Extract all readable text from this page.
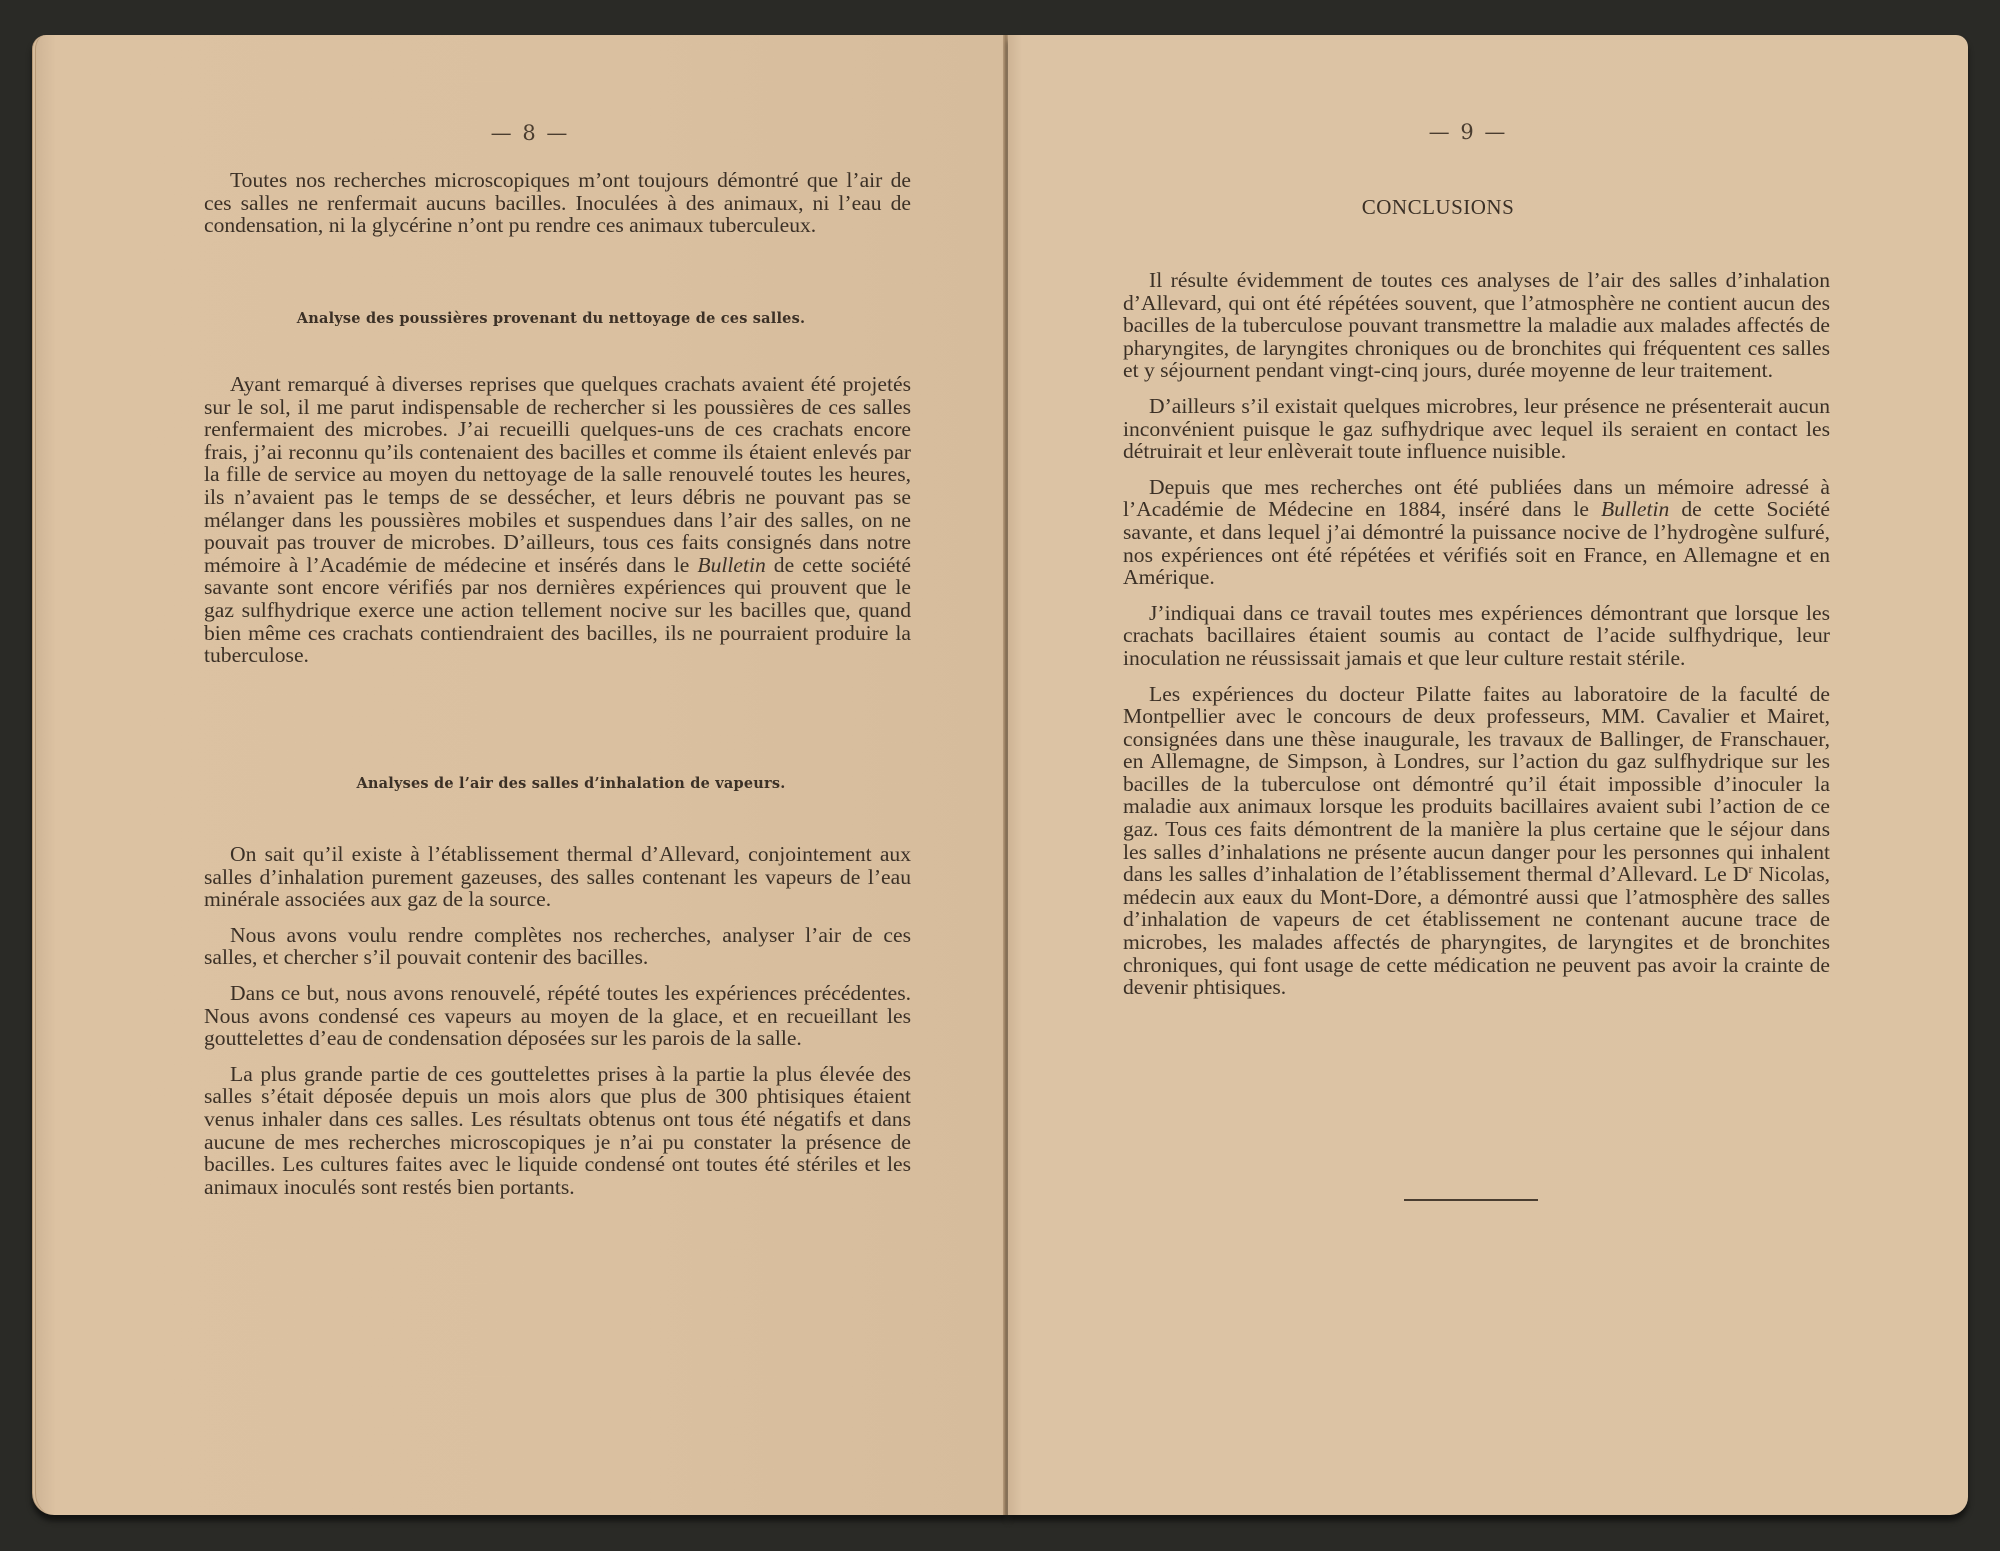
— 8 —

Toutes nos recherches microscopiques m’ont toujours démontré que l’air de ces salles ne renfermait aucuns bacilles. Inoculées à des animaux, ni l’eau de condensation, ni la glycérine n’ont pu rendre ces animaux tuberculeux.

Analyse des poussières provenant du nettoyage de ces salles.

Ayant remarqué à diverses reprises que quelques crachats avaient été projetés sur le sol, il me parut indispensable de rechercher si les poussières de ces salles renfermaient des microbes. J’ai recueilli quelques-uns de ces crachats encore frais, j’ai reconnu qu’ils contenaient des bacilles et comme ils étaient enlevés par la fille de service au moyen du nettoyage de la salle renouvelé toutes les heures, ils n’avaient pas le temps de se dessécher, et leurs débris ne pouvant pas se mélanger dans les poussières mobiles et suspendues dans l’air des salles, on ne pouvait pas trouver de microbes. D’ailleurs, tous ces faits consignés dans notre mémoire à l’Académie de médecine et insérés dans le Bulletin de cette société savante sont encore vérifiés par nos dernières expériences qui prouvent que le gaz sulfhydrique exerce une action tellement nocive sur les bacilles que, quand bien même ces crachats contiendraient des bacilles, ils ne pourraient produire la tuberculose.

Analyses de l’air des salles d’inhalation de vapeurs.

On sait qu’il existe à l’établissement thermal d’Allevard, conjointement aux salles d’inhalation purement gazeuses, des salles contenant les vapeurs de l’eau minérale associées aux gaz de la source.

Nous avons voulu rendre complètes nos recherches, analyser l’air de ces salles, et chercher s’il pouvait contenir des bacilles.

Dans ce but, nous avons renouvelé, répété toutes les expériences précédentes. Nous avons condensé ces vapeurs au moyen de la glace, et en recueillant les gouttelettes d’eau de condensation déposées sur les parois de la salle.

La plus grande partie de ces gouttelettes prises à la partie la plus élevée des salles s’était déposée depuis un mois alors que plus de 300 phtisiques étaient venus inhaler dans ces salles. Les résultats obtenus ont tous été négatifs et dans aucune de mes recherches microscopiques je n’ai pu constater la présence de bacilles. Les cultures faites avec le liquide condensé ont toutes été stériles et les animaux inoculés sont restés bien portants.

— 9 —
CONCLUSIONS

Il résulte évidemment de toutes ces analyses de l’air des salles d’inhalation d’Allevard, qui ont été répétées souvent, que l’atmosphère ne contient aucun des bacilles de la tuberculose pouvant transmettre la maladie aux malades affectés de pharyngites, de laryngites chroniques ou de bronchites qui fréquentent ces salles et y séjournent pendant vingt-cinq jours, durée moyenne de leur traitement.

D’ailleurs s’il existait quelques microbres, leur présence ne présenterait aucun inconvénient puisque le gaz sufhydrique avec lequel ils seraient en contact les détruirait et leur enlèverait toute influence nuisible.

Depuis que mes recherches ont été publiées dans un mémoire adressé à l’Académie de Médecine en 1884, inséré dans le Bulletin de cette Société savante, et dans lequel j’ai démontré la puissance nocive de l’hydrogène sulfuré, nos expériences ont été répétées et vérifiés soit en France, en Allemagne et en Amérique.

J’indiquai dans ce travail toutes mes expériences démontrant que lorsque les crachats bacillaires étaient soumis au contact de l’acide sulfhydrique, leur inoculation ne réussissait jamais et que leur culture restait stérile.

Les expériences du docteur Pilatte faites au laboratoire de la faculté de Montpellier avec le concours de deux professeurs, MM. Cavalier et Mairet, consignées dans une thèse inaugurale, les travaux de Ballinger, de Franschauer, en Allemagne, de Simpson, à Londres, sur l’action du gaz sulfhydrique sur les bacilles de la tuberculose ont démontré qu’il était impossible d’inoculer la maladie aux animaux lorsque les produits bacillaires avaient subi l’action de ce gaz. Tous ces faits démontrent de la manière la plus certaine que le séjour dans les salles d’inhalations ne présente aucun danger pour les personnes qui inhalent dans les salles d’inhalation de l’établissement thermal d’Allevard. Le $D^r$ Nicolas, médecin aux eaux du Mont-Dore, a démontré aussi que l’atmosphère des salles d’inhalation de vapeurs de cet établissement ne contenant aucune trace de microbes, les malades affectés de pharyngites, de laryngites et de bronchites chroniques, qui font usage de cette médication ne peuvent pas avoir la crainte de devenir phtisiques.
